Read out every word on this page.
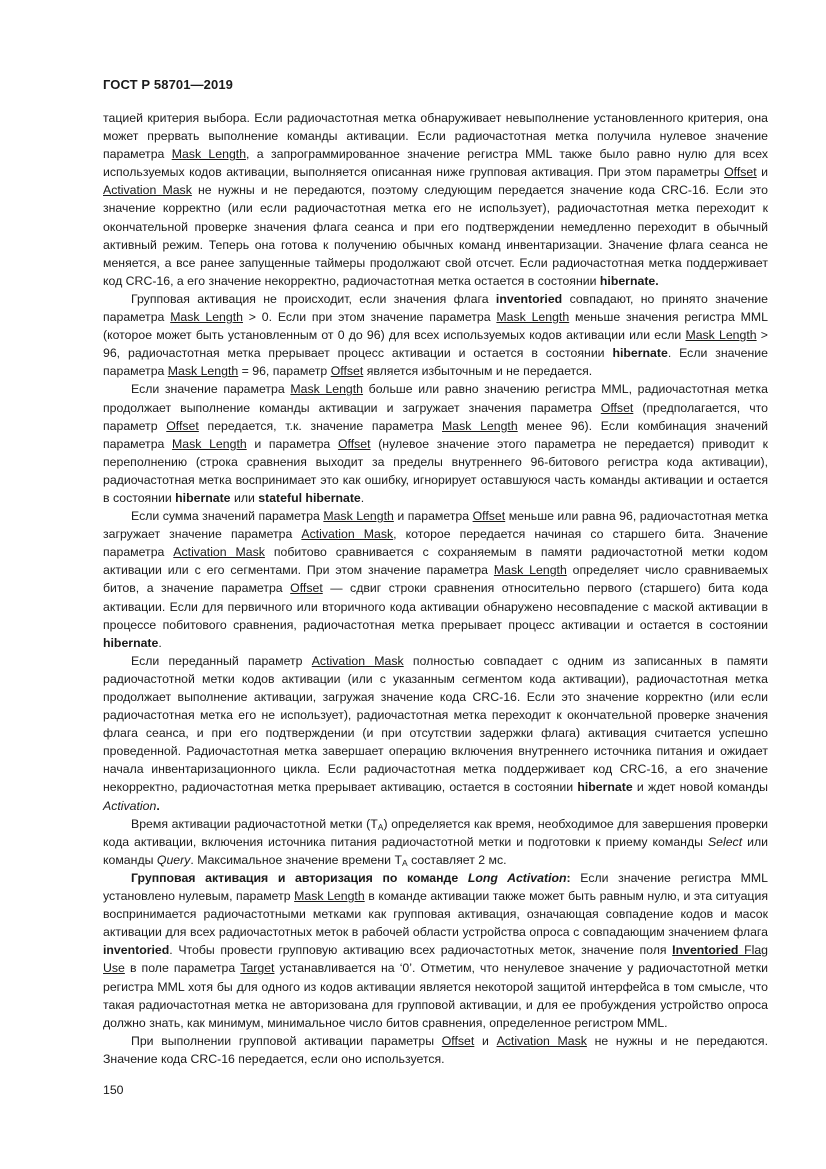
ГОСТ Р 58701—2019

тацией критерия выбора. Если радиочастотная метка обнаруживает невыполнение установленного критерия, она может прервать выполнение команды активации. Если радиочастотная метка получила нулевое значение параметра Mask Length, а запрограммированное значение регистра MML также было равно нулю для всех используемых кодов активации, выполняется описанная ниже групповая активация. При этом параметры Offset и Activation Mask не нужны и не передаются, поэтому следующим передается значение кода CRC-16. Если это значение корректно (или если радиочастотная метка его не использует), радиочастотная метка переходит к окончательной проверке значения флага сеанса и при его подтверждении немедленно переходит в обычный активный режим. Теперь она готова к получению обычных команд инвентаризации. Значение флага сеанса не меняется, а все ранее запущенные таймеры продолжают свой отсчет. Если радиочастотная метка поддерживает код CRC-16, а его значение некорректно, радиочастотная метка остается в состоянии hibernate.

Групповая активация не происходит, если значения флага inventoried совпадают, но принято значение параметра Mask Length > 0. Если при этом значение параметра Mask Length меньше значения регистра MML (которое может быть установленным от 0 до 96) для всех используемых кодов активации или если Mask Length > 96, радиочастотная метка прерывает процесс активации и остается в состоянии hibernate. Если значение параметра Mask Length = 96, параметр Offset является избыточным и не передается.

Если значение параметра Mask Length больше или равно значению регистра MML, радиочастотная метка продолжает выполнение команды активации и загружает значения параметра Offset (предполагается, что параметр Offset передается, т.к. значение параметра Mask Length менее 96). Если комбинация значений параметра Mask Length и параметра Offset (нулевое значение этого параметра не передается) приводит к переполнению (строка сравнения выходит за пределы внутреннего 96-битового регистра кода активации), радиочастотная метка воспринимает это как ошибку, игнорирует оставшуюся часть команды активации и остается в состоянии hibernate или stateful hibernate.

Если сумма значений параметра Mask Length и параметра Offset меньше или равна 96, радиочастотная метка загружает значение параметра Activation Mask, которое передается начиная со старшего бита. Значение параметра Activation Mask побитово сравнивается с сохраняемым в памяти радиочастотной метки кодом активации или с его сегментами. При этом значение параметра Mask Length определяет число сравниваемых битов, а значение параметра Offset — сдвиг строки сравнения относительно первого (старшего) бита кода активации. Если для первичного или вторичного кода активации обнаружено несовпадение с маской активации в процессе побитового сравнения, радиочастотная метка прерывает процесс активации и остается в состоянии hibernate.

Если переданный параметр Activation Mask полностью совпадает с одним из записанных в памяти радиочастотной метки кодов активации (или с указанным сегментом кода активации), радиочастотная метка продолжает выполнение активации, загружая значение кода CRC-16. Если это значение корректно (или если радиочастотная метка его не использует), радиочастотная метка переходит к окончательной проверке значения флага сеанса, и при его подтверждении (и при отсутствии задержки флага) активация считается успешно проведенной. Радиочастотная метка завершает операцию включения внутреннего источника питания и ожидает начала инвентаризационного цикла. Если радиочастотная метка поддерживает код CRC-16, а его значение некорректно, радиочастотная метка прерывает активацию, остается в состоянии hibernate и ждет новой команды Activation.

Время активации радиочастотной метки $(T_A)$ определяется как время, необходимое для завершения проверки кода активации, включения источника питания радиочастотной метки и подготовки к приему команды Select или команды Query. Максимальное значение времени $T_A$ составляет 2 мс.

Групповая активация и авторизация по команде Long Activation: Если значение регистра MML установлено нулевым, параметр Mask Length в команде активации также может быть равным нулю, и эта ситуация воспринимается радиочастотными метками как групповая активация, означающая совпадение кодов и масок активации для всех радиочастотных меток в рабочей области устройства опроса с совпадающим значением флага inventoried. Чтобы провести групповую активацию всех радиочастотных меток, значение поля Inventoried Flag Use в поле параметра Target устанавливается на ‘0’. Отметим, что ненулевое значение у радиочастотной метки регистра MML хотя бы для одного из кодов активации является некоторой защитой интерфейса в том смысле, что такая радиочастотная метка не авторизована для групповой активации, и для ее пробуждения устройство опроса должно знать, как минимум, минимальное число битов сравнения, определенное регистром MML.

При выполнении групповой активации параметры Offset и Activation Mask не нужны и не передаются. Значение кода CRC-16 передается, если оно используется.

150
